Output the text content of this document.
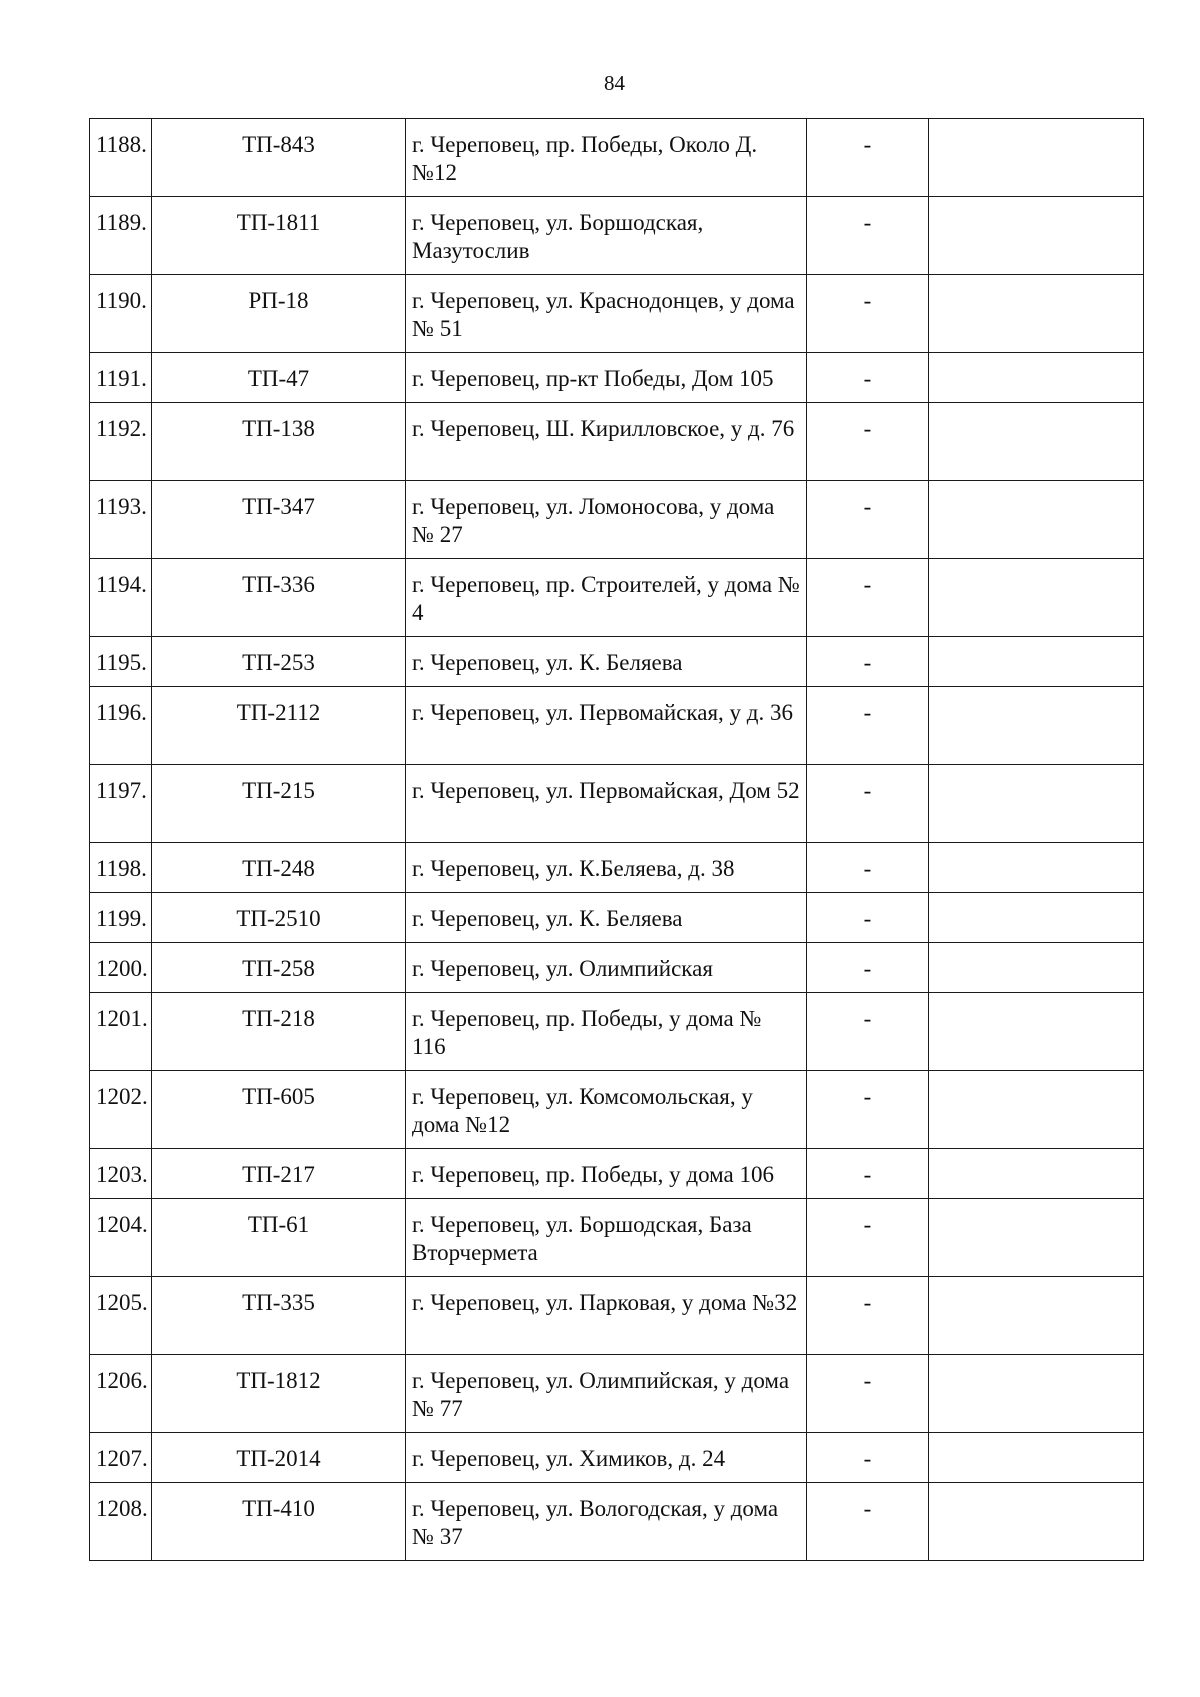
84
1188.	ТП-843	г. Череповец, пр. Победы, Около Д.№12	-	
1189.	ТП-1811	г. Череповец, ул. Боршодская, Мазутослив	-	
1190.	РП-18	г. Череповец, ул. Краснодонцев, у дома № 51	-	
1191.	ТП-47	г. Череповец, пр-кт Победы, Дом 105	-	
1192.	ТП-138	г. Череповец, Ш. Кирилловское, у д. 76	-	
1193.	ТП-347	г. Череповец, ул. Ломоносова, у дома № 27	-	
1194.	ТП-336	г. Череповец, пр. Строителей, у дома № 4	-	
1195.	ТП-253	г. Череповец, ул. К. Беляева	-	
1196.	ТП-2112	г. Череповец, ул. Первомайская, у д. 36	-	
1197.	ТП-215	г. Череповец, ул. Первомайская, Дом 52	-	
1198.	ТП-248	г. Череповец, ул. К.Беляева, д. 38	-	
1199.	ТП-2510	г. Череповец, ул. К. Беляева	-	
1200.	ТП-258	г. Череповец, ул. Олимпийская	-	
1201.	ТП-218	г. Череповец, пр. Победы, у дома № 116	-	
1202.	ТП-605	г. Череповец, ул. Комсомольская, у дома №12	-	
1203.	ТП-217	г. Череповец, пр. Победы, у дома 106	-	
1204.	ТП-61	г. Череповец, ул. Боршодская, База Вторчермета	-	
1205.	ТП-335	г. Череповец, ул. Парковая, у дома №32	-	
1206.	ТП-1812	г. Череповец, ул. Олимпийская, у дома № 77	-	
1207.	ТП-2014	г. Череповец, ул. Химиков, д. 24	-	
1208.	ТП-410	г. Череповец, ул. Вологодская, у дома № 37	-	
